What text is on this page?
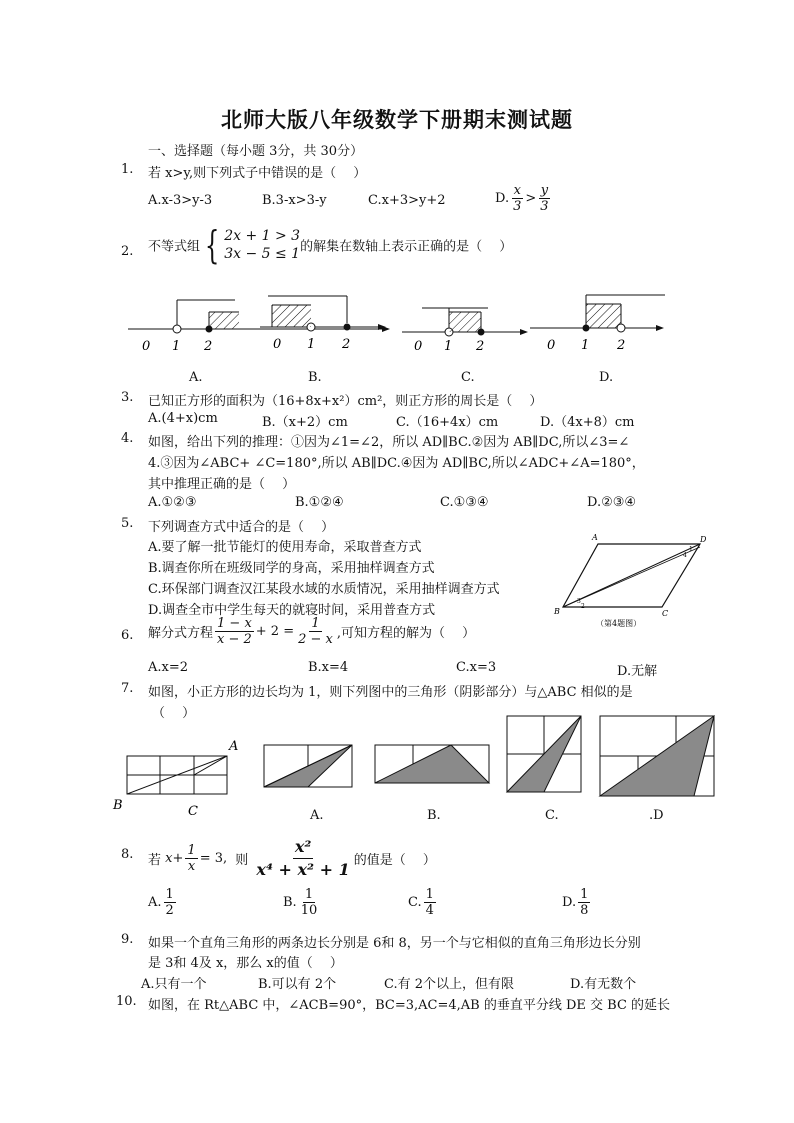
北师大版八年级数学下册期末测试题
一、选择题（每小题 3分，共 30分）
1. 若 x>y,则下列式子中错误的是（　 ）
A.x-3>y-3	B.3-x>3-y	C.x+3>y+2	D. $\frac{x}{3} > \frac{y}{3}$
2. 不等式组 { 2x + 1 > 3
3x − 5 ≤ 1 的解集在数轴上表示正确的是（　 ）
0 1 2	0 1 2	0 1 2	0 1 2
A.	B.	C.	D.
3. 已知正方形的面积为（16+8x+x²）cm²，则正方形的周长是（　 ）
A.(4+x)cm	B.（x+2）cm	C.（16+4x）cm	D.（4x+8）cm
4. 如图，给出下列的推理：①因为∠1=∠2，所以 AD∥BC.②因为 AB∥DC,所以∠3=∠
4.③因为∠ABC+ ∠C=180°,所以 AB∥DC.④因为 AD∥BC,所以∠ADC+∠A=180°，
其中推理正确的是（　 ）
A.①②③	B.①②④	C.①③④	D.②③④
5. 下列调查方式中适合的是（　 ）
A.要了解一批节能灯的使用寿命，采取普查方式
B.调查你所在班级同学的身高，采用抽样调查方式
C.环保部门调查汉江某段水域的水质情况，采用抽样调查方式
D.调查全市中学生每天的就寝时间，采用普查方式
A	D
B	C
1
4
3
2
（第4题图）
6. 解分式方程 $\frac{1 - x}{x - 2} + 2 = \frac{1}{2 - x}$ ,可知方程的解为（　 ）
A.x=2	B.x=4	C.x=3	D.无解
7. 如图，小正方形的边长均为 1，则下列图中的三角形（阴影部分）与△ABC 相似的是
（　 ）
A
B	C	A.	B.	C.	.D
8. 若 $x+ \frac{1}{x} = 3$, 则 $\frac{\text{x²}}{\text{x⁴ + x² + 1}}$ 的值是（　 ）
A. $\frac{1}{2}$	B. $\frac{1}{10}$	C. $\frac{1}{4}$	D. $\frac{1}{8}$
9. 如果一个直角三角形的两条边长分别是 6和 8，另一个与它相似的直角三角形边长分别
是 3和 4及 x，那么 x的值（　 ）
A.只有一个	B.可以有 2个	C.有 2个以上，但有限	D.有无数个
10. 如图，在 Rt△ABC 中，∠ACB=90°，BC=3,AC=4,AB 的垂直平分线 DE 交 BC 的延长
